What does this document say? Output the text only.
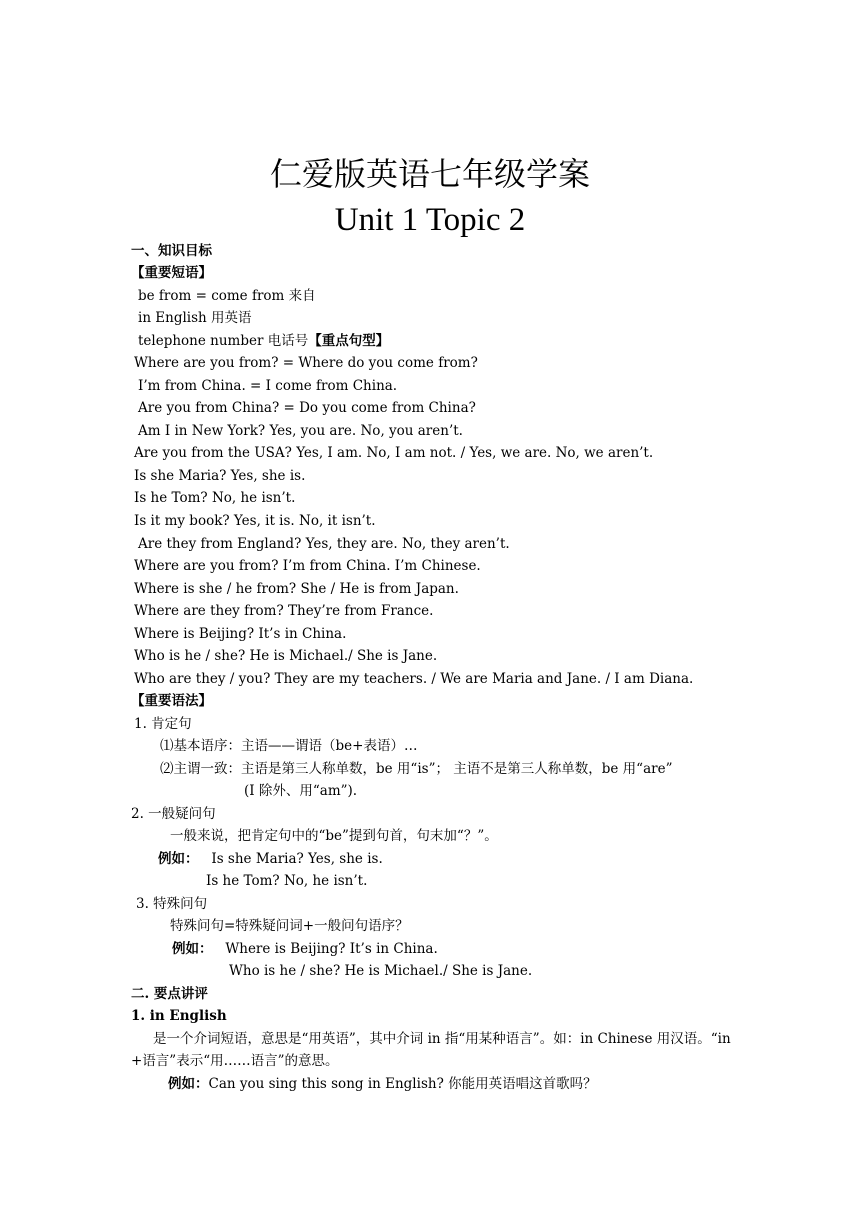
仁爱版英语七年级学案
Unit 1 Topic 2
一、知识目标
【重要短语】
be from = come from 来自
in English 用英语
telephone number 电话号【重点句型】
Where are you from? = Where do you come from?
I’m from China. = I come from China.
Are you from China? = Do you come from China?
Am I in New York? Yes, you are. No, you aren’t.
Are you from the USA? Yes, I am. No, I am not. / Yes, we are. No, we aren’t.
Is she Maria? Yes, she is.
Is he Tom? No, he isn’t.
Is it my book? Yes, it is. No, it isn’t.
Are they from England? Yes, they are. No, they aren’t.
Where are you from? I’m from China. I’m Chinese.
Where is she / he from? She / He is from Japan.
Where are they from? They’re from France.
Where is Beijing? It’s in China.
Who is he / she? He is Michael./ She is Jane.
Who are they / you? They are my teachers. / We are Maria and Jane. / I am Diana.
【重要语法】
1. 肯定句
⑴基本语序：主语——谓语（be+表语）…
⑵主谓一致：主语是第三人称单数，be 用“is”； 主语不是第三人称单数，be 用“are”
(I 除外、用“am”).
2. 一般疑问句
一般来说，把肯定句中的“be”提到句首，句末加“？”。
例如： Is she Maria? Yes, she is.
Is he Tom? No, he isn’t.
3. 特殊问句
特殊问句=特殊疑问词+一般问句语序？
例如： Where is Beijing? It’s in China.
Who is he / she? He is Michael./ She is Jane.
二. 要点讲评
1. in English
是一个介词短语，意思是“用英语”，其中介词 in 指“用某种语言”。如：in Chinese 用汉语。“in +语言”表示“用……语言”的意思。
例如：Can you sing this song in English? 你能用英语唱这首歌吗？
